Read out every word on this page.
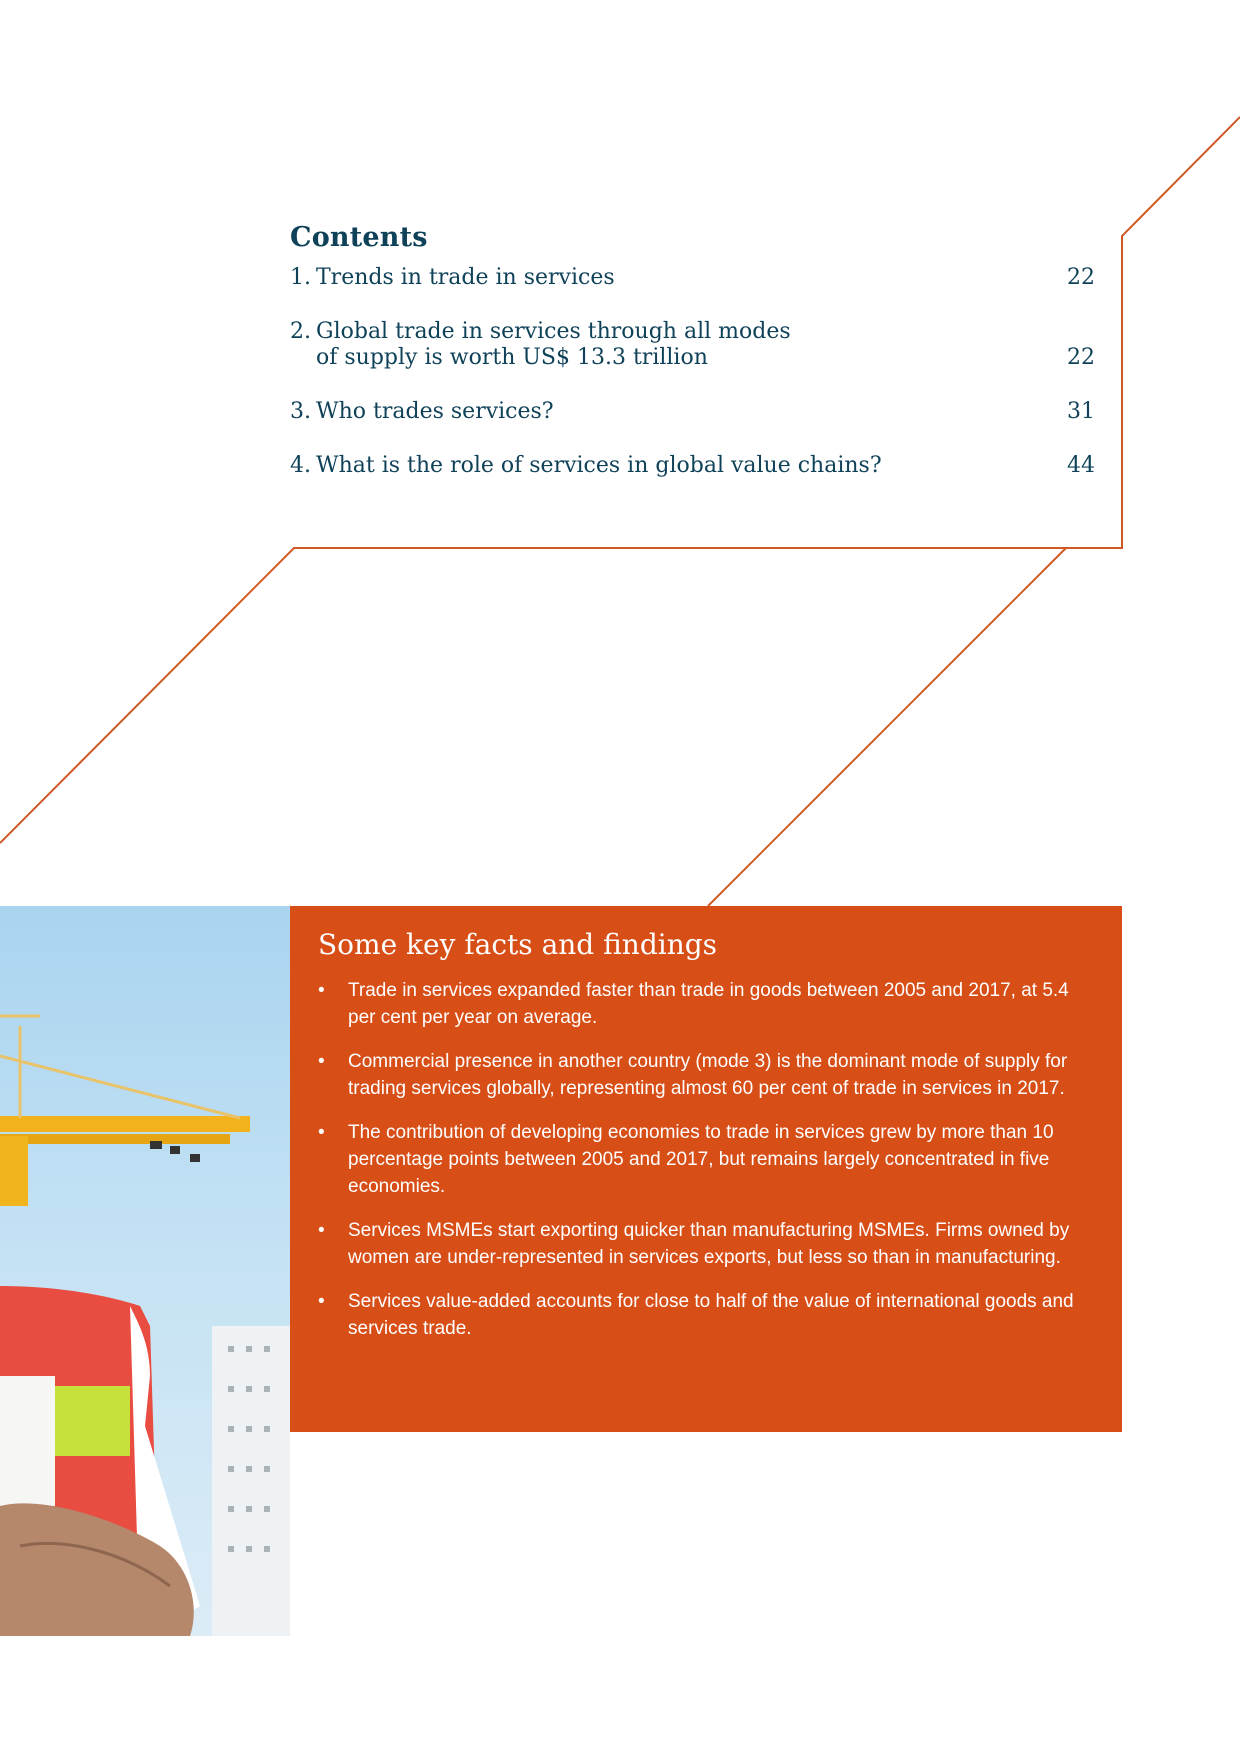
Contents
1. Trends in trade in services	22
2. Global trade in services through all modes
of supply is worth US$ 13.3 trillion	22
3. Who trades services?	31
4. What is the role of services in global value chains?	44
Some key facts and findings
• Trade in services expanded faster than trade in goods between 2005 and 2017, at 5.4 per cent per year on average.
• Commercial presence in another country (mode 3) is the dominant mode of supply for trading services globally, representing almost 60 per cent of trade in services in 2017.
• The contribution of developing economies to trade in services grew by more than 10 percentage points between 2005 and 2017, but remains largely concentrated in five economies.
• Services MSMEs start exporting quicker than manufacturing MSMEs. Firms owned by women are under-represented in services exports, but less so than in manufacturing.
• Services value-added accounts for close to half of the value of international goods and services trade.
